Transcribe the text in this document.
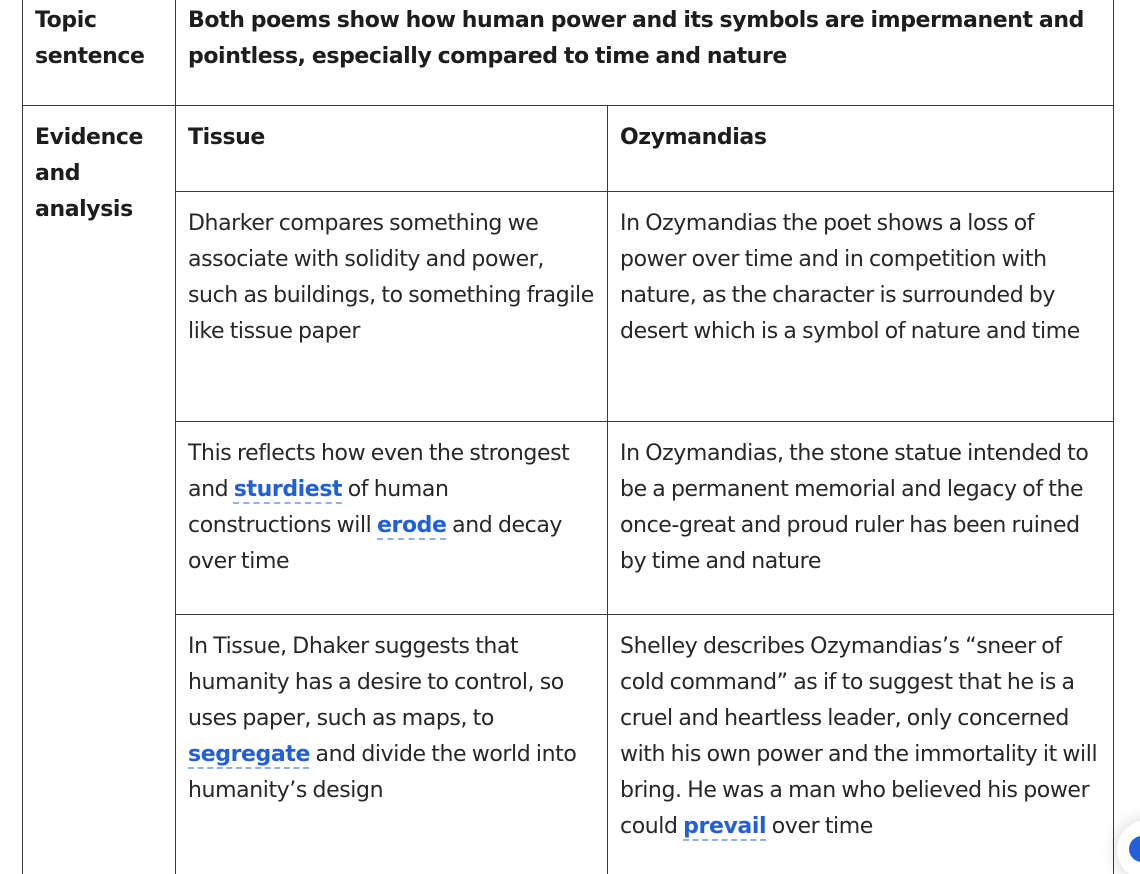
Topic sentence	Both poems show how human power and its symbols are impermanent and pointless, especially compared to time and nature	
Evidence and analysis	Tissue	Ozymandias
	Dharker compares something we associate with solidity and power, such as buildings, to something fragile like tissue paper	In Ozymandias the poet shows a loss of power over time and in competition with nature, as the character is surrounded by desert which is a symbol of nature and time
	This reflects how even the strongest and sturdiest of human constructions will erode and decay over time	In Ozymandias, the stone statue intended to be a permanent memorial and legacy of the once-great and proud ruler has been ruined by time and nature
	In Tissue, Dhaker suggests that humanity has a desire to control, so uses paper, such as maps, to segregate and divide the world into humanity’s design	Shelley describes Ozymandias’s “sneer of cold command” as if to suggest that he is a cruel and heartless leader, only concerned with his own power and the immortality it will bring. He was a man who believed his power could prevail over time
